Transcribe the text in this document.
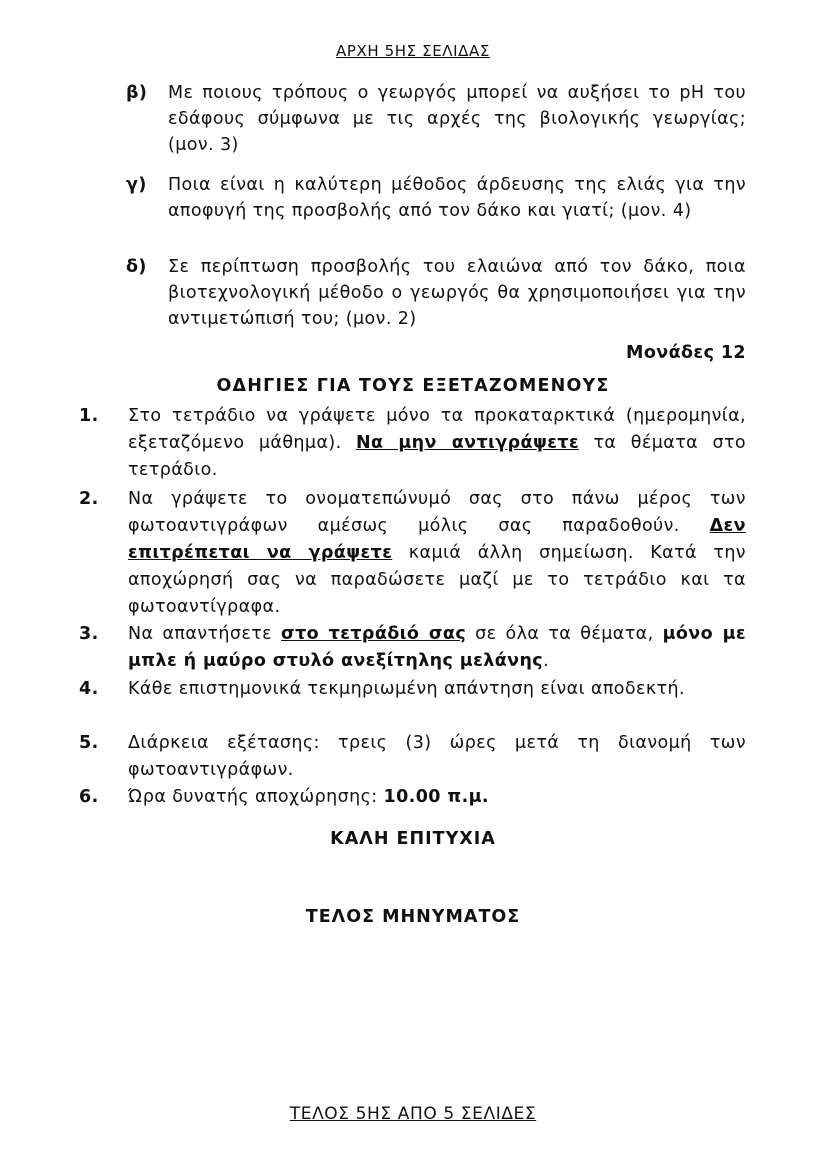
ΑΡΧΗ 5ΗΣ ΣΕΛΙΔΑΣ
β) Με ποιους τρόπους ο γεωργός μπορεί να αυξήσει το pH του εδάφους σύμφωνα με τις αρχές της βιολογικής γεωργίας; (μον. 3)
γ) Ποια είναι η καλύτερη μέθοδος άρδευσης της ελιάς για την αποφυγή της προσβολής από τον δάκο και γιατί; (μον. 4)
δ) Σε περίπτωση προσβολής του ελαιώνα από τον δάκο, ποια βιοτεχνολογική μέθοδο ο γεωργός θα χρησιμοποιήσει για την αντιμετώπισή του; (μον. 2)
Μονάδες 12
ΟΔΗΓΙΕΣ ΓΙΑ ΤΟΥΣ ΕΞΕΤΑΖΟΜΕΝΟΥΣ
1. Στο τετράδιο να γράψετε μόνο τα προκαταρκτικά (ημερομηνία, εξεταζόμενο μάθημα). Να μην αντιγράψετε τα θέματα στο τετράδιο.
2. Να γράψετε το ονοματεπώνυμό σας στο πάνω μέρος των φωτοαντιγράφων αμέσως μόλις σας παραδοθούν. Δεν επιτρέπεται να γράψετε καμιά άλλη σημείωση. Κατά την αποχώρησή σας να παραδώσετε μαζί με το τετράδιο και τα φωτοαντίγραφα.
3. Να απαντήσετε στο τετράδιό σας σε όλα τα θέματα, μόνο με μπλε ή μαύρο στυλό ανεξίτηλης μελάνης.
4. Κάθε επιστημονικά τεκμηριωμένη απάντηση είναι αποδεκτή.
5. Διάρκεια εξέτασης: τρεις (3) ώρες μετά τη διανομή των φωτοαντιγράφων.
6. Ώρα δυνατής αποχώρησης: 10.00 π.μ.
ΚΑΛΗ ΕΠΙΤΥΧΙΑ
ΤΕΛΟΣ ΜΗΝΥΜΑΤΟΣ
ΤΕΛΟΣ 5ΗΣ ΑΠΟ 5 ΣΕΛΙΔΕΣ
